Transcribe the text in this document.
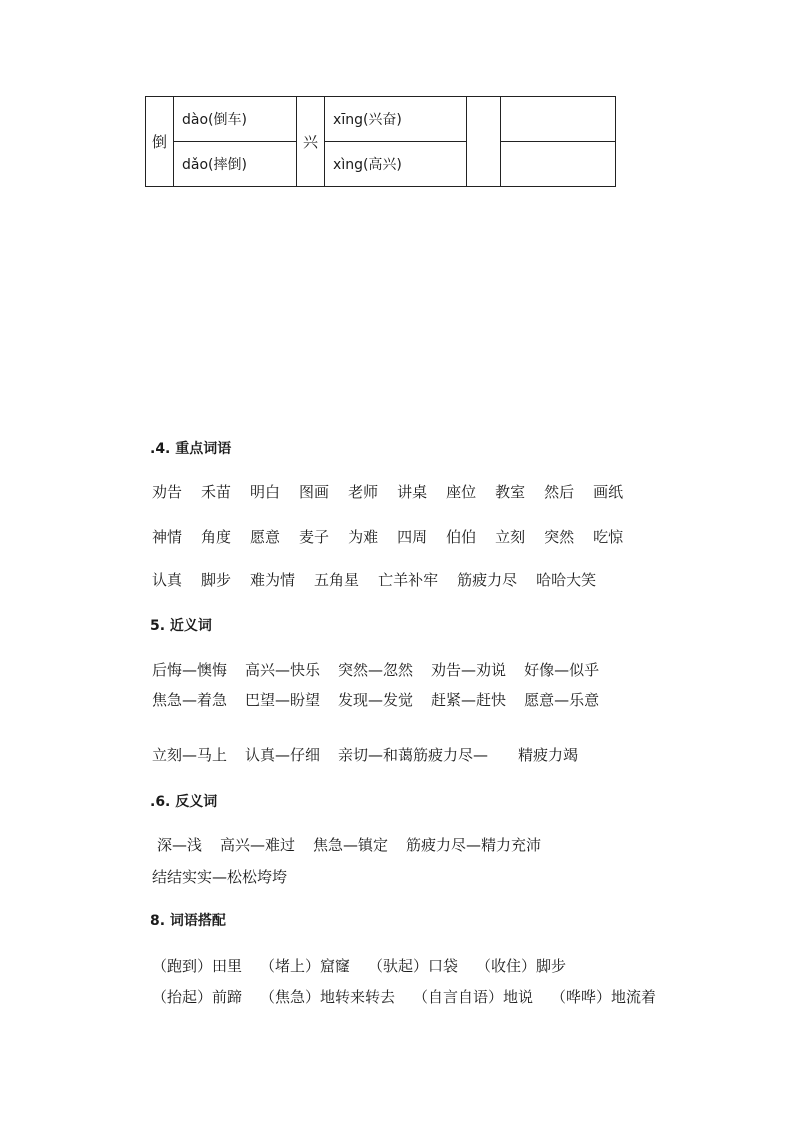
倒	dào(倒车)	兴	xīng(兴奋)		
	dǎo(摔倒)		xìng(高兴)		
.4. 重点词语
劝告 禾苗 明白 图画 老师 讲桌 座位 教室 然后 画纸
神情 角度 愿意 麦子 为难 四周 伯伯 立刻 突然 吃惊
认真 脚步 难为情 五角星 亡羊补牢 筋疲力尽 哈哈大笑
5. 近义词
后悔—懊悔 高兴—快乐 突然—忽然 劝告—劝说 好像—似乎
焦急—着急 巴望—盼望 发现—发觉 赶紧—赶快 愿意—乐意
立刻—马上 认真—仔细 亲切—和蔼筋疲力尽— 精疲力竭
.6. 反义词
深—浅 高兴—难过 焦急—镇定 筋疲力尽—精力充沛
结结实实—松松垮垮
8. 词语搭配
（跑到）田里 （堵上）窟窿 （驮起）口袋 （收住）脚步
（抬起）前蹄 （焦急）地转来转去 （自言自语）地说 （哗哗）地流着
